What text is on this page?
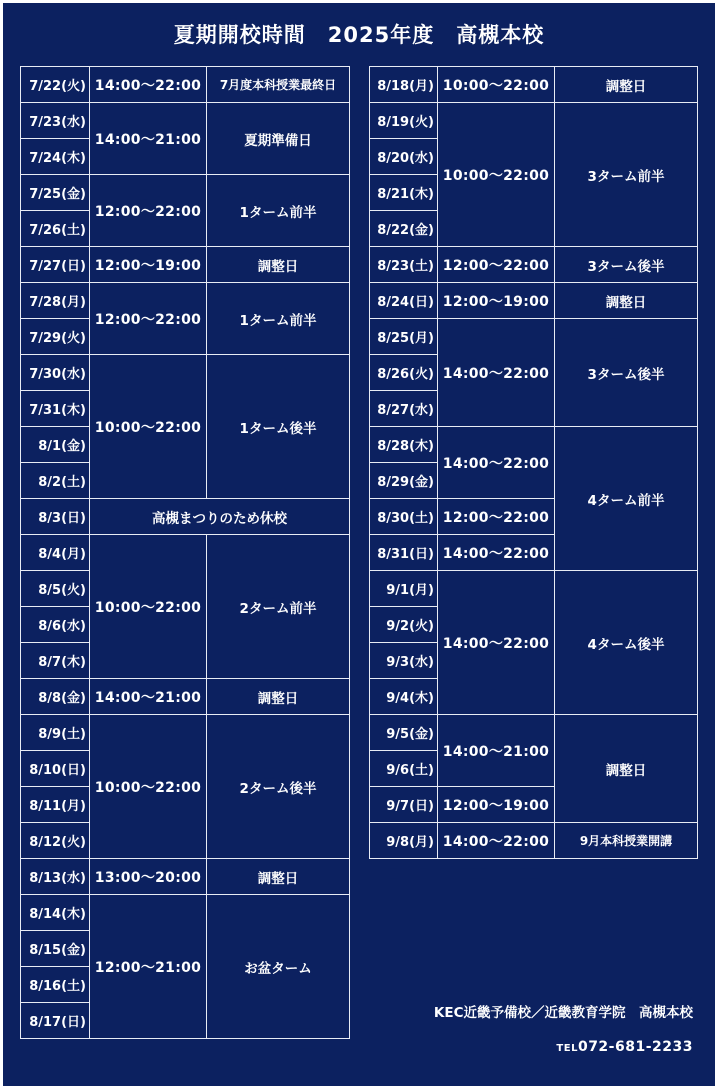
夏期開校時間　2025年度　高槻本校
7/22(火)	14:00～22:00	7月度本科授業最終日
7/23(水)	14:00～21:00	夏期準備日
7/24(木)		
7/25(金)	12:00～22:00	1ターム前半
7/26(土)		
7/27(日)	12:00～19:00	調整日
7/28(月)	12:00～22:00	1ターム前半
7/29(火)		
7/30(水)	10:00～22:00	1ターム後半
7/31(木)		
8/1(金)		
8/2(土)		
8/3(日)	高槻まつりのため休校	
8/4(月)	10:00～22:00	2ターム前半
8/5(火)		
8/6(水)		
8/7(木)		
8/8(金)	14:00～21:00	調整日
8/9(土)	10:00～22:00	2ターム後半
8/10(日)		
8/11(月)		
8/12(火)		
8/13(水)	13:00～20:00	調整日
8/14(木)	12:00～21:00	お盆ターム
8/15(金)		
8/16(土)		
8/17(日)		
8/18(月)	10:00～22:00	調整日
8/19(火)	10:00～22:00	3ターム前半
8/20(水)		
8/21(木)		
8/22(金)		
8/23(土)	12:00～22:00	3ターム後半
8/24(日)	12:00～19:00	調整日
8/25(月)	14:00～22:00	3ターム後半
8/26(火)		
8/27(水)		
8/28(木)	14:00～22:00	4ターム前半
8/29(金)		
8/30(土)	12:00～22:00	
8/31(日)	14:00～22:00	
9/1(月)	14:00～22:00	4ターム後半
9/2(火)		
9/3(水)		
9/4(木)		
9/5(金)	14:00～21:00	調整日
9/6(土)		
9/7(日)	12:00～19:00	
9/8(月)	14:00～22:00	9月本科授業開講
KEC近畿予備校／近畿教育学院　高槻本校
TEL072-681-2233
